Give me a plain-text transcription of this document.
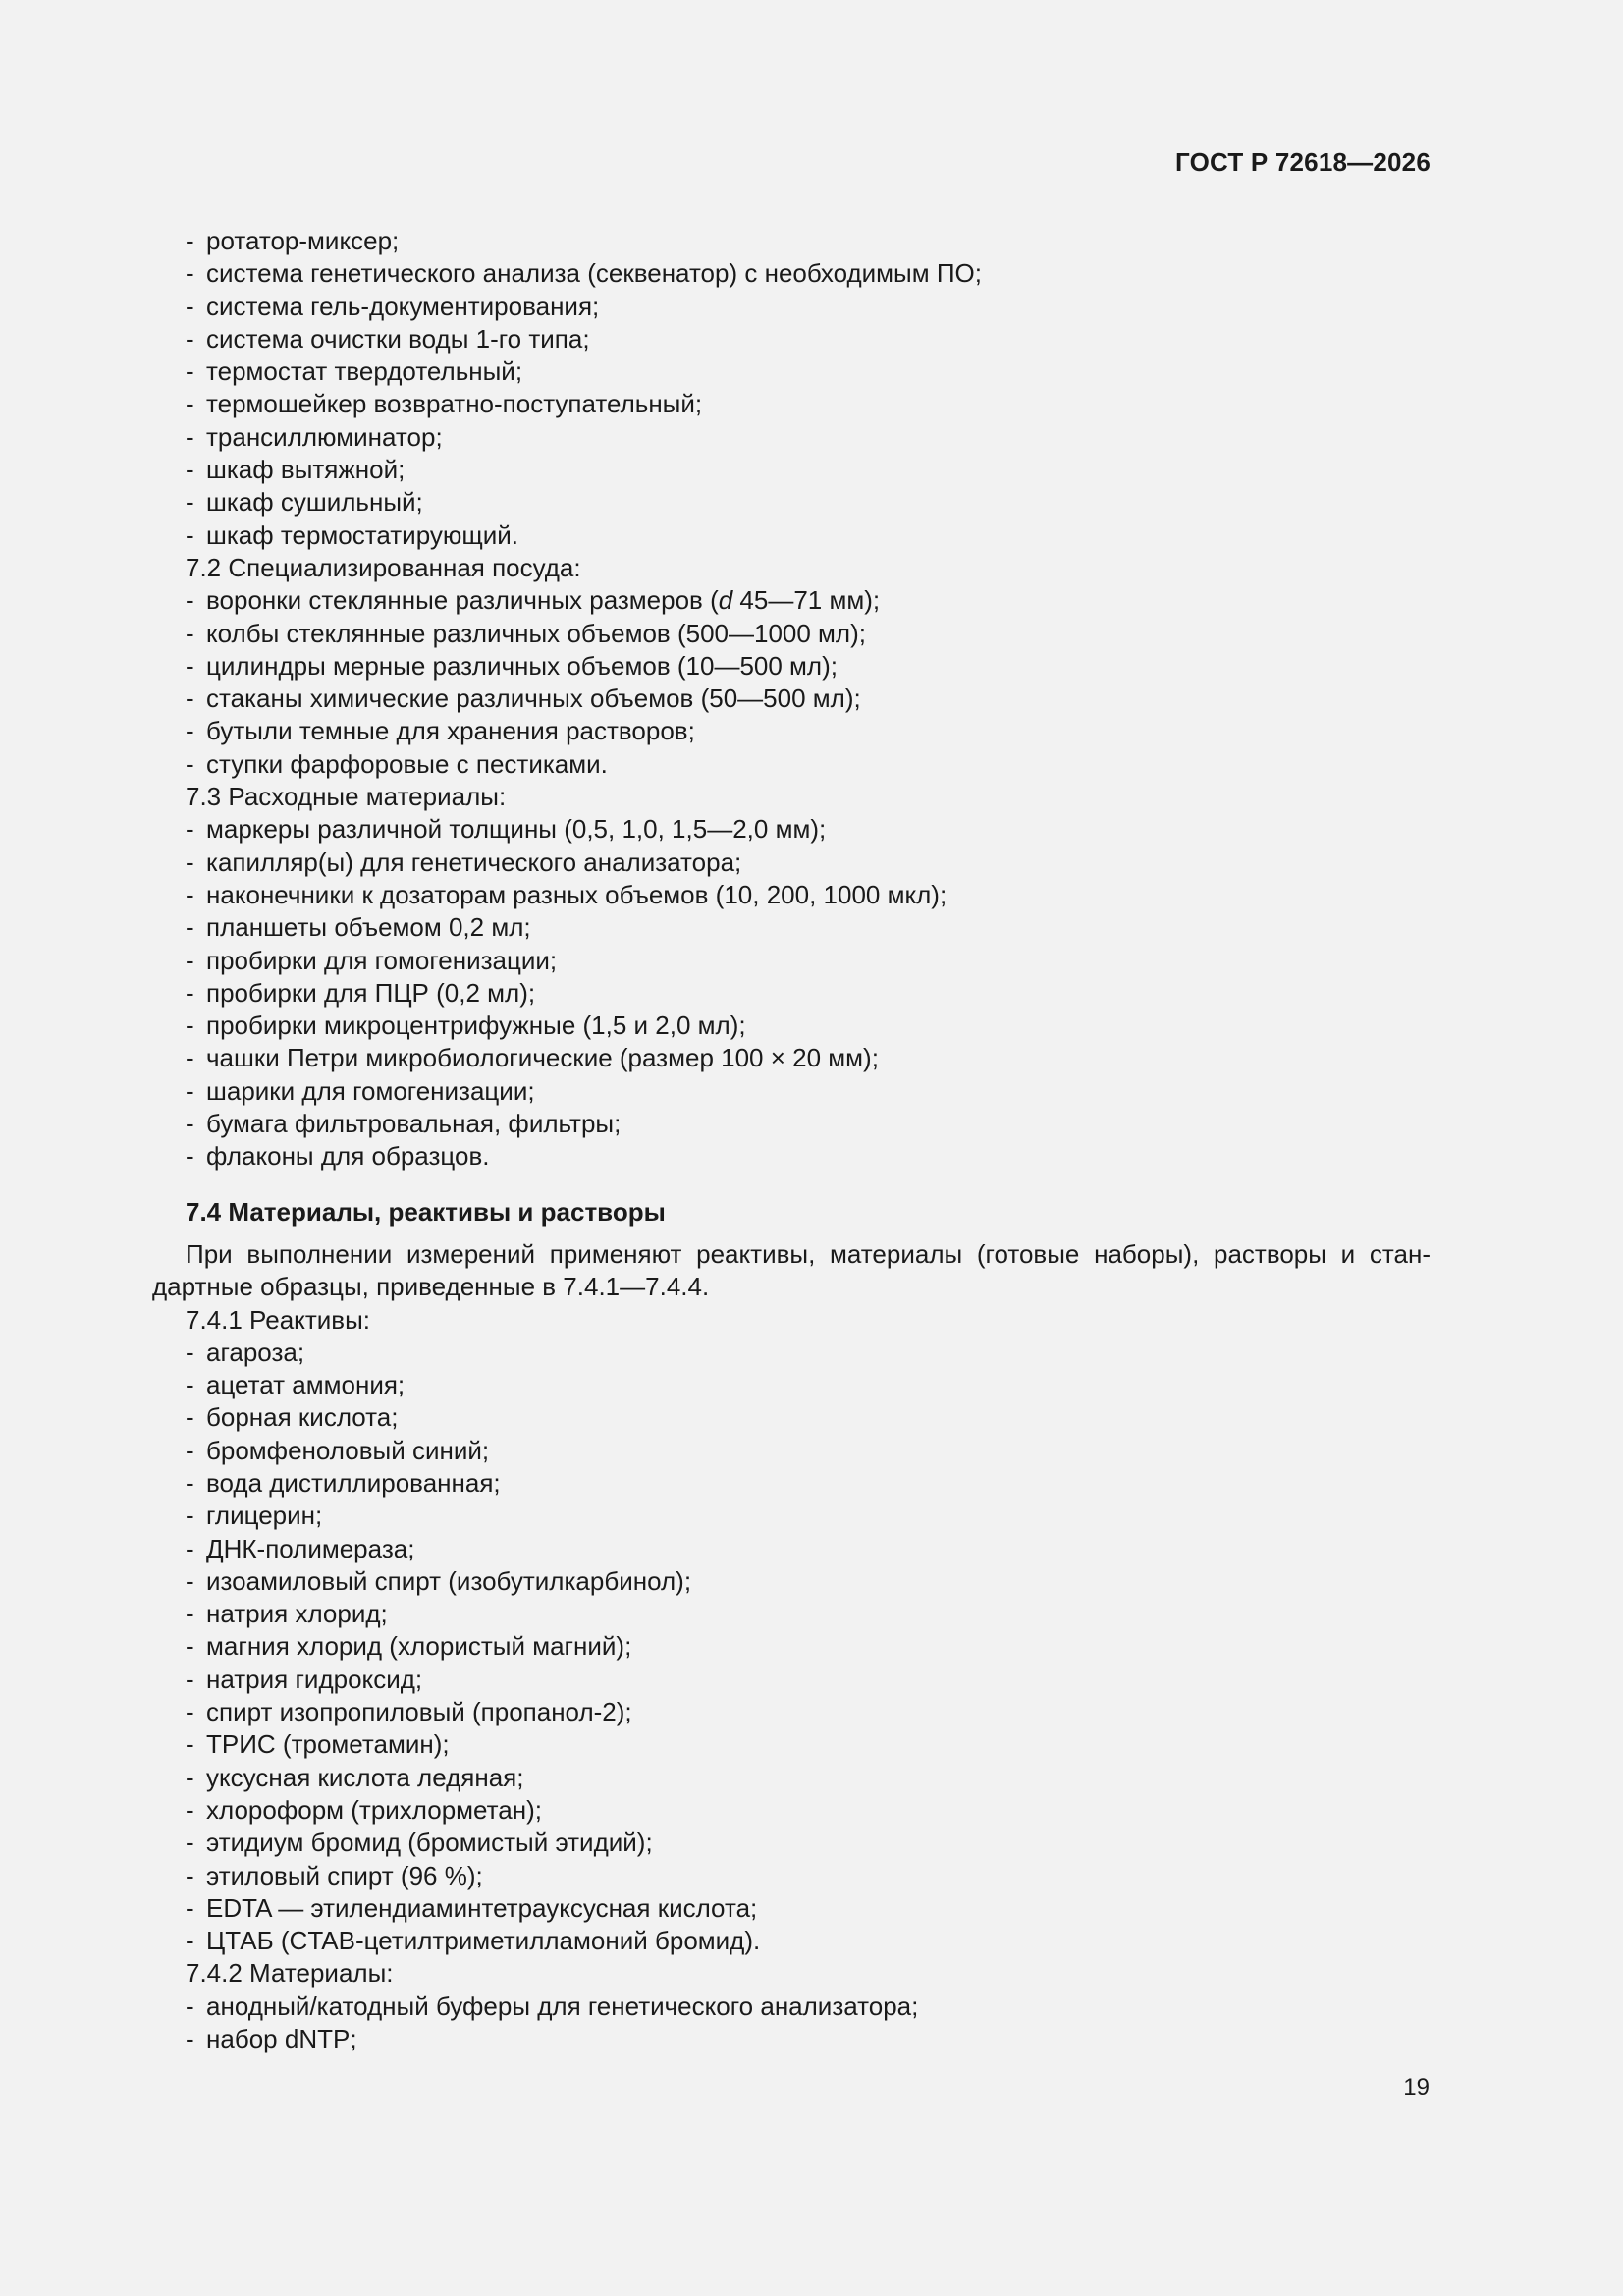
ГОСТ Р 72618—2026
- ротатор-миксер;
- система генетического анализа (секвенатор) с необходимым ПО;
- система гель-документирования;
- система очистки воды 1-го типа;
- термостат твердотельный;
- термошейкер возвратно-поступательный;
- трансиллюминатор;
- шкаф вытяжной;
- шкаф сушильный;
- шкаф термостатирующий.
7.2 Специализированная посуда:
- воронки стеклянные различных размеров (d 45—71 мм);
- колбы стеклянные различных объемов (500—1000 мл);
- цилиндры мерные различных объемов (10—500 мл);
- стаканы химические различных объемов (50—500 мл);
- бутыли темные для хранения растворов;
- ступки фарфоровые с пестиками.
7.3 Расходные материалы:
- маркеры различной толщины (0,5, 1,0, 1,5—2,0 мм);
- капилляр(ы) для генетического анализатора;
- наконечники к дозаторам разных объемов (10, 200, 1000 мкл);
- планшеты объемом 0,2 мл;
- пробирки для гомогенизации;
- пробирки для ПЦР (0,2 мл);
- пробирки микроцентрифужные (1,5 и 2,0 мл);
- чашки Петри микробиологические (размер 100 × 20 мм);
- шарики для гомогенизации;
- бумага фильтровальная, фильтры;
- флаконы для образцов.
7.4 Материалы, реактивы и растворы

При выполнении измерений применяют реактивы, материалы (готовые наборы), растворы и стандартные образцы, приведенные в 7.4.1—7.4.4.

7.4.1 Реактивы:
- агароза;
- ацетат аммония;
- борная кислота;
- бромфеноловый синий;
- вода дистиллированная;
- глицерин;
- ДНК-полимераза;
- изоамиловый спирт (изобутилкарбинол);
- натрия хлорид;
- магния хлорид (хлористый магний);
- натрия гидроксид;
- спирт изопропиловый (пропанол-2);
- ТРИС (трометамин);
- уксусная кислота ледяная;
- хлороформ (трихлорметан);
- этидиум бромид (бромистый этидий);
- этиловый спирт (96 %);
- EDTA — этилендиаминтетрауксусная кислота;
- ЦТАБ (CTAB-цетилтриметилламоний бромид).
7.4.2 Материалы:
- анодный/катодный буферы для генетического анализатора;
- набор dNTP;
19
